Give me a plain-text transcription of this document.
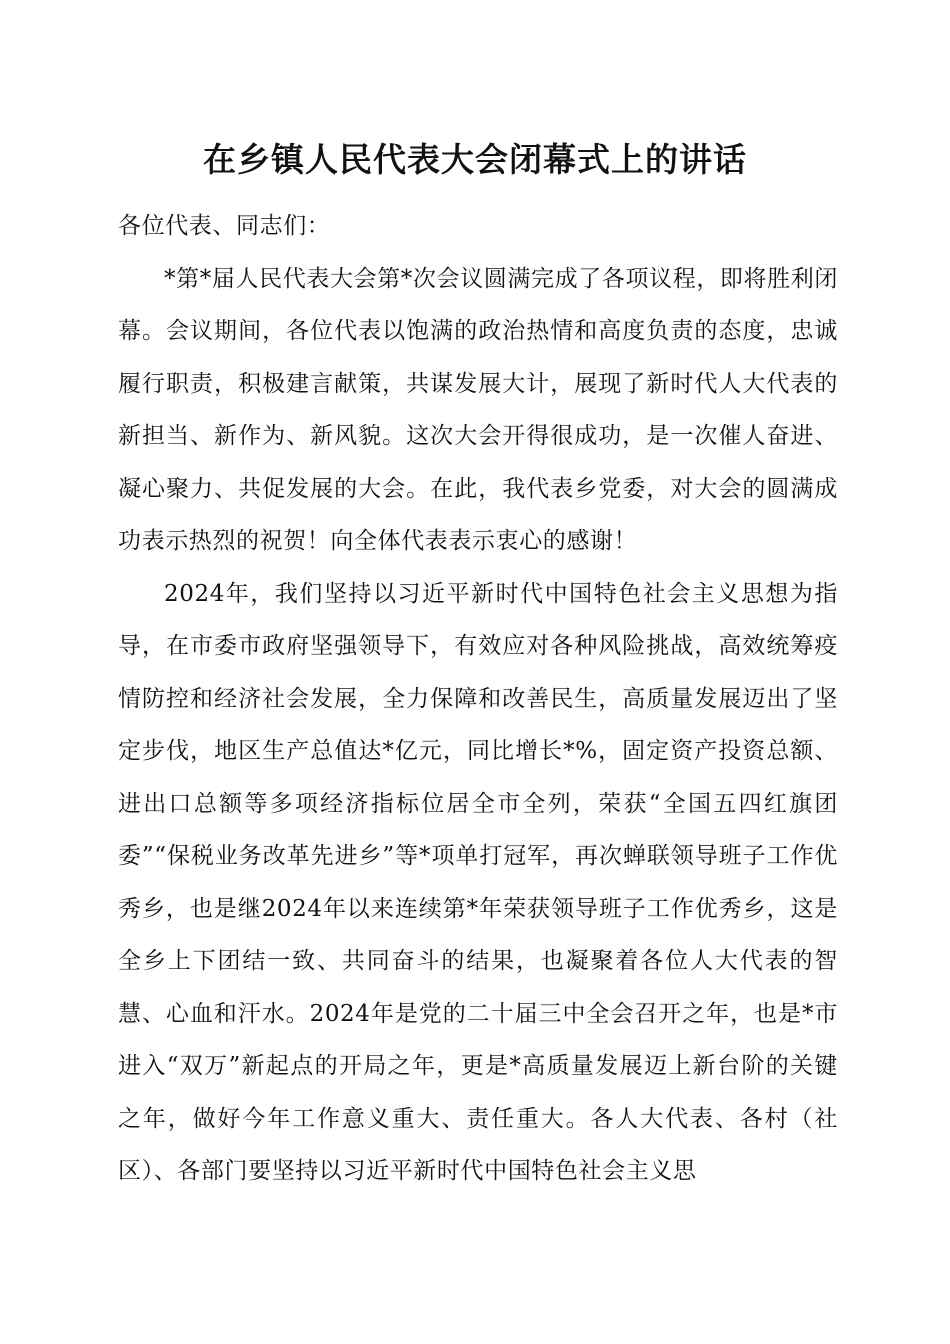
在乡镇人民代表大会闭幕式上的讲话

各位代表、同志们：

*第*届人民代表大会第*次会议圆满完成了各项议程，即将胜利闭幕。会议期间，各位代表以饱满的政治热情和高度负责的态度，忠诚履行职责，积极建言献策，共谋发展大计，展现了新时代人大代表的新担当、新作为、新风貌。这次大会开得很成功，是一次催人奋进、凝心聚力、共促发展的大会。在此，我代表乡党委，对大会的圆满成功表示热烈的祝贺！向全体代表表示衷心的感谢！

2024年，我们坚持以习近平新时代中国特色社会主义思想为指导，在市委市政府坚强领导下，有效应对各种风险挑战，高效统筹疫情防控和经济社会发展，全力保障和改善民生，高质量发展迈出了坚定步伐，地区生产总值达*亿元，同比增长*%，固定资产投资总额、进出口总额等多项经济指标位居全市全列，荣获“全国五四红旗团委”“保税业务改革先进乡”等*项单打冠军，再次蝉联领导班子工作优秀乡，也是继2024年以来连续第*年荣获领导班子工作优秀乡，这是全乡上下团结一致、共同奋斗的结果，也凝聚着各位人大代表的智慧、心血和汗水。2024年是党的二十届三中全会召开之年，也是*市进入“双万”新起点的开局之年，更是*高质量发展迈上新台阶的关键之年，做好今年工作意义重大、责任重大。各人大代表、各村（社区）、各部门要坚持以习近平新时代中国特色社会主义思
